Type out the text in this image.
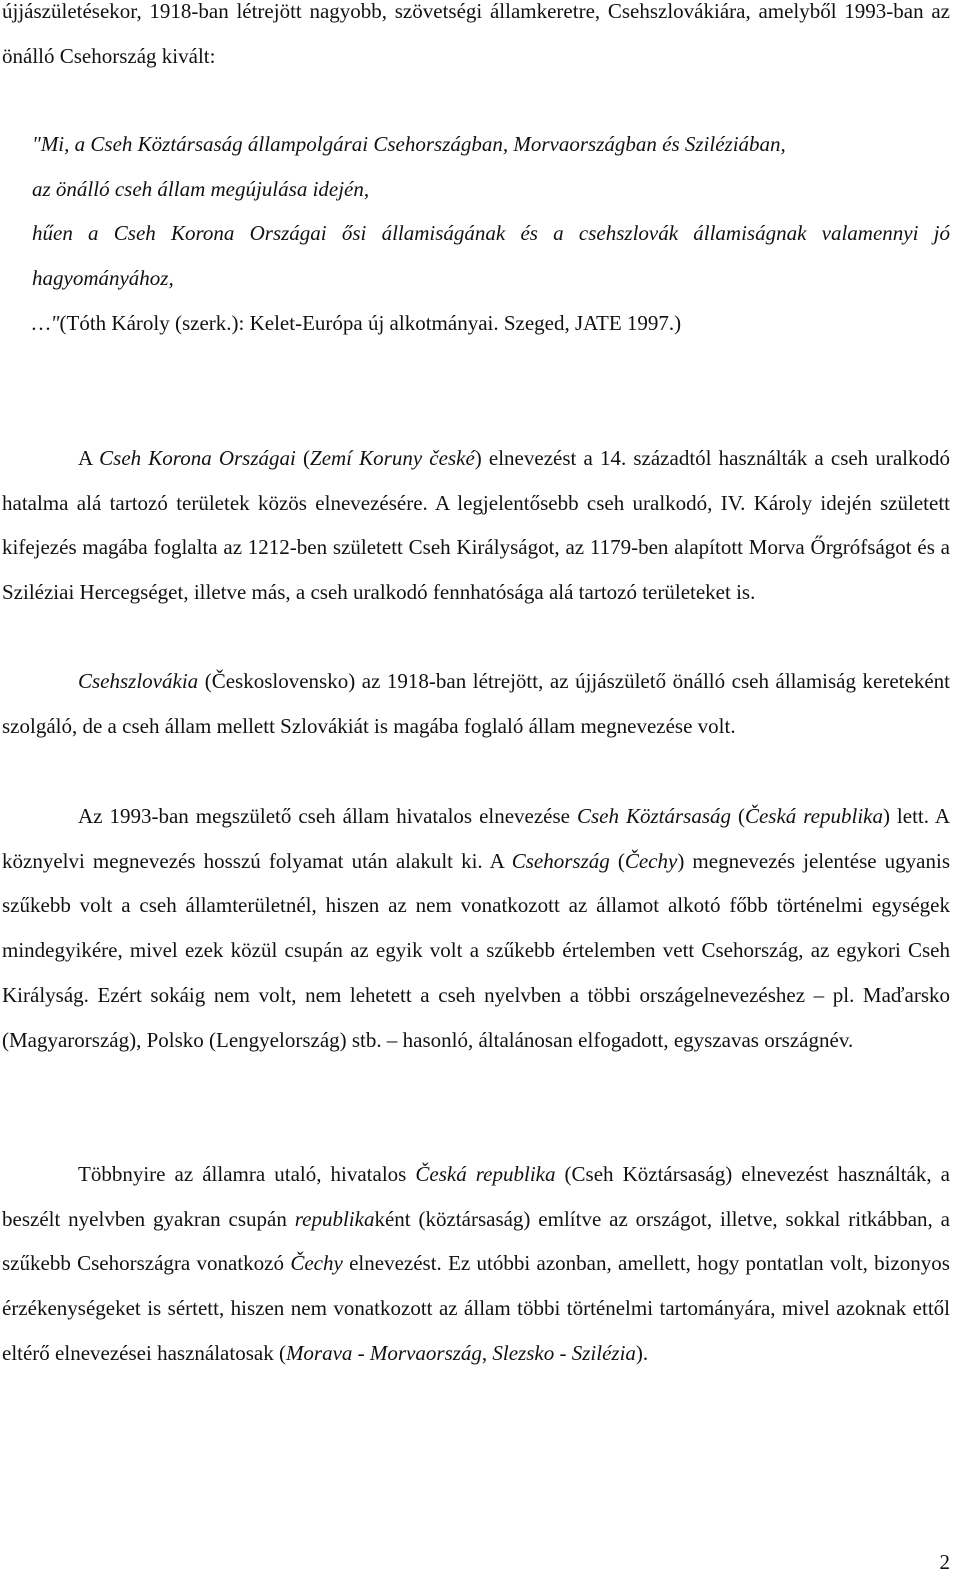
újjászületésekor, 1918-ban létrejött nagyobb, szövetségi államkeretre, Csehszlovákiára, amelyből 1993-ban az önálló Csehország kivált:

"Mi, a Cseh Köztársaság állampolgárai Csehországban, Morvaországban és Sziléziában,
az önálló cseh állam megújulása idején,
hűen a Cseh Korona Országai ősi államiságának és a csehszlovák államiságnak valamennyi jó hagyományához,
…"(Tóth Károly (szerk.): Kelet-Európa új alkotmányai. Szeged, JATE 1997.)

A Cseh Korona Országai (Zemí Koruny české) elnevezést a 14. századtól használták a cseh uralkodó hatalma alá tartozó területek közös elnevezésére. A legjelentősebb cseh uralkodó, IV. Károly idején született kifejezés magába foglalta az 1212-ben született Cseh Királyságot, az 1179-ben alapított Morva Őrgrófságot és a Sziléziai Hercegséget, illetve más, a cseh uralkodó fennhatósága alá tartozó területeket is.

Csehszlovákia (Československo) az 1918-ban létrejött, az újjászülető önálló cseh államiság kereteként szolgáló, de a cseh állam mellett Szlovákiát is magába foglaló állam megnevezése volt.

Az 1993-ban megszülető cseh állam hivatalos elnevezése Cseh Köztársaság (Česká republika) lett. A köznyelvi megnevezés hosszú folyamat után alakult ki. A Csehország (Čechy) megnevezés jelentése ugyanis szűkebb volt a cseh államterületnél, hiszen az nem vonatkozott az államot alkotó főbb történelmi egységek mindegyikére, mivel ezek közül csupán az egyik volt a szűkebb értelemben vett Csehország, az egykori Cseh Királyság. Ezért sokáig nem volt, nem lehetett a cseh nyelvben a többi országelnevezéshez – pl. Maďarsko (Magyarország), Polsko (Lengyelország) stb. – hasonló, általánosan elfogadott, egyszavas országnév.

Többnyire az államra utaló, hivatalos Česká republika (Cseh Köztársaság) elnevezést használták, a beszélt nyelvben gyakran csupán republikaként (köztársaság) említve az országot, illetve, sokkal ritkábban, a szűkebb Csehországra vonatkozó Čechy elnevezést. Ez utóbbi azonban, amellett, hogy pontatlan volt, bizonyos érzékenységeket is sértett, hiszen nem vonatkozott az állam többi történelmi tartományára, mivel azoknak ettől eltérő elnevezései használatosak (Morava - Morvaország, Slezsko - Szilézia).

2
